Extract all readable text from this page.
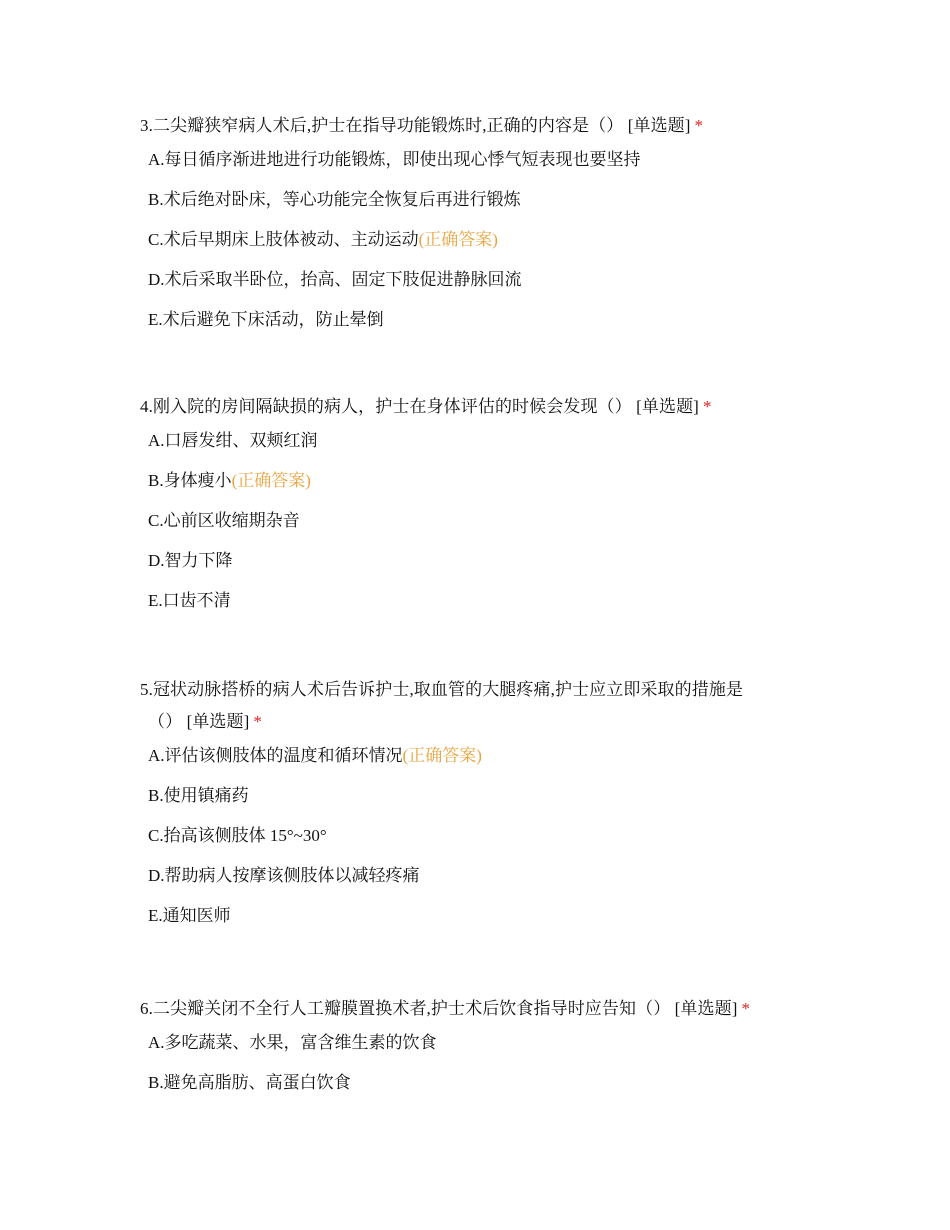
3.二尖瓣狭窄病人术后,护士在指导功能锻炼时,正确的内容是（） [单选题] *
A.每日循序渐进地进行功能锻炼，即使出现心悸气短表现也要坚持
B.术后绝对卧床，等心功能完全恢复后再进行锻炼
C.术后早期床上肢体被动、主动运动(正确答案)
D.术后采取半卧位，抬高、固定下肢促进静脉回流
E.术后避免下床活动，防止晕倒
4.刚入院的房间隔缺损的病人，护士在身体评估的时候会发现（） [单选题] *
A.口唇发绀、双颊红润
B.身体瘦小(正确答案)
C.心前区收缩期杂音
D.智力下降
E.口齿不清
5.冠状动脉搭桥的病人术后告诉护士,取血管的大腿疼痛,护士应立即采取的措施是
（） [单选题] *
A.评估该侧肢体的温度和循环情况(正确答案)
B.使用镇痛药
C.抬高该侧肢体 15°~30°
D.帮助病人按摩该侧肢体以减轻疼痛
E.通知医师
6.二尖瓣关闭不全行人工瓣膜置换术者,护士术后饮食指导时应告知（） [单选题] *
A.多吃蔬菜、水果，富含维生素的饮食
B.避免高脂肪、高蛋白饮食
